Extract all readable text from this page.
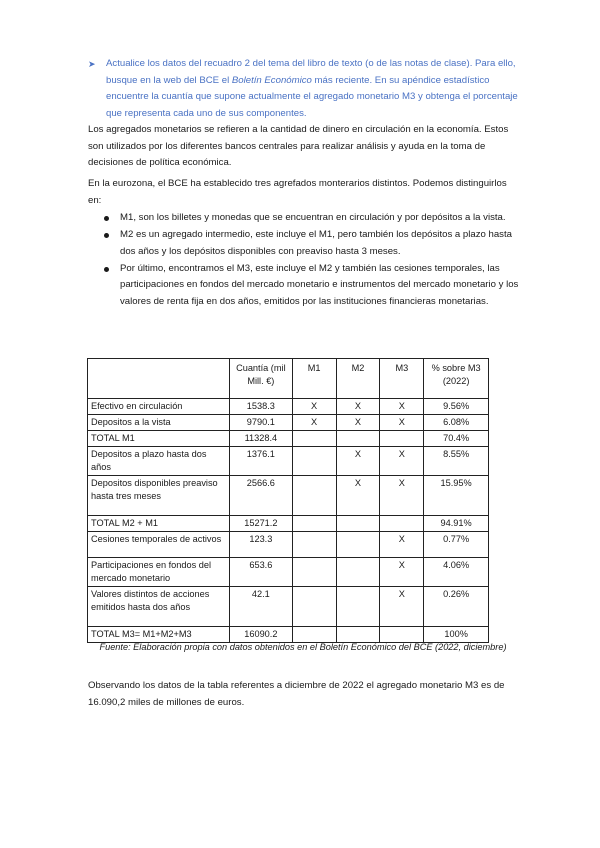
➤ Actualice los datos del recuadro 2 del tema del libro de texto (o de las notas de clase). Para ello, busque en la web del BCE el Boletín Económico más reciente. En su apéndice estadístico encuentre la cuantía que supone actualmente el agregado monetario M3 y obtenga el porcentaje que representa cada uno de sus componentes.
Los agregados monetarios se refieren a la cantidad de dinero en circulación en la economía. Estos son utilizados por los diferentes bancos centrales para realizar análisis y ayuda en la toma de decisiones de política económica.
En la eurozona, el BCE ha establecido tres agrefados monterarios distintos. Podemos distinguirlos en:
M1, son los billetes y monedas que se encuentran en circulación y por depósitos a la vista.
M2 es un agregado intermedio, este incluye el M1, pero también los depósitos a plazo hasta dos años y los depósitos disponibles con preaviso hasta 3 meses.
Por último, encontramos el M3, este incluye el M2 y también las cesiones temporales, las participaciones en fondos del mercado monetario e instrumentos del mercado monetario y los valores de renta fija en dos años, emitidos por las instituciones financieras monetarias.
	Cuantía (mil Mill. €)	M1	M2	M3	% sobre M3 (2022)
Efectivo en circulación	1538.3	X	X	X	9.56%
Depositos a la vista	9790.1	X	X	X	6.08%
TOTAL M1	11328.4				70.4%
Depositos a plazo hasta dos años	1376.1		X	X	8.55%
Depositos disponibles preaviso hasta tres meses	2566.6		X	X	15.95%
TOTAL M2 + M1	15271.2				94.91%
Cesiones temporales de activos	123.3			X	0.77%
Participaciones en fondos del mercado monetario	653.6			X	4.06%
Valores distintos de acciones emitidos hasta dos años	42.1			X	0.26%
TOTAL M3= M1+M2+M3	16090.2				100%
Fuente: Elaboración propia con datos obtenidos en el Boletín Económico del BCE (2022, diciembre)
Observando los datos de la tabla referentes a diciembre de 2022 el agregado monetario M3 es de 16.090,2 miles de millones de euros.
